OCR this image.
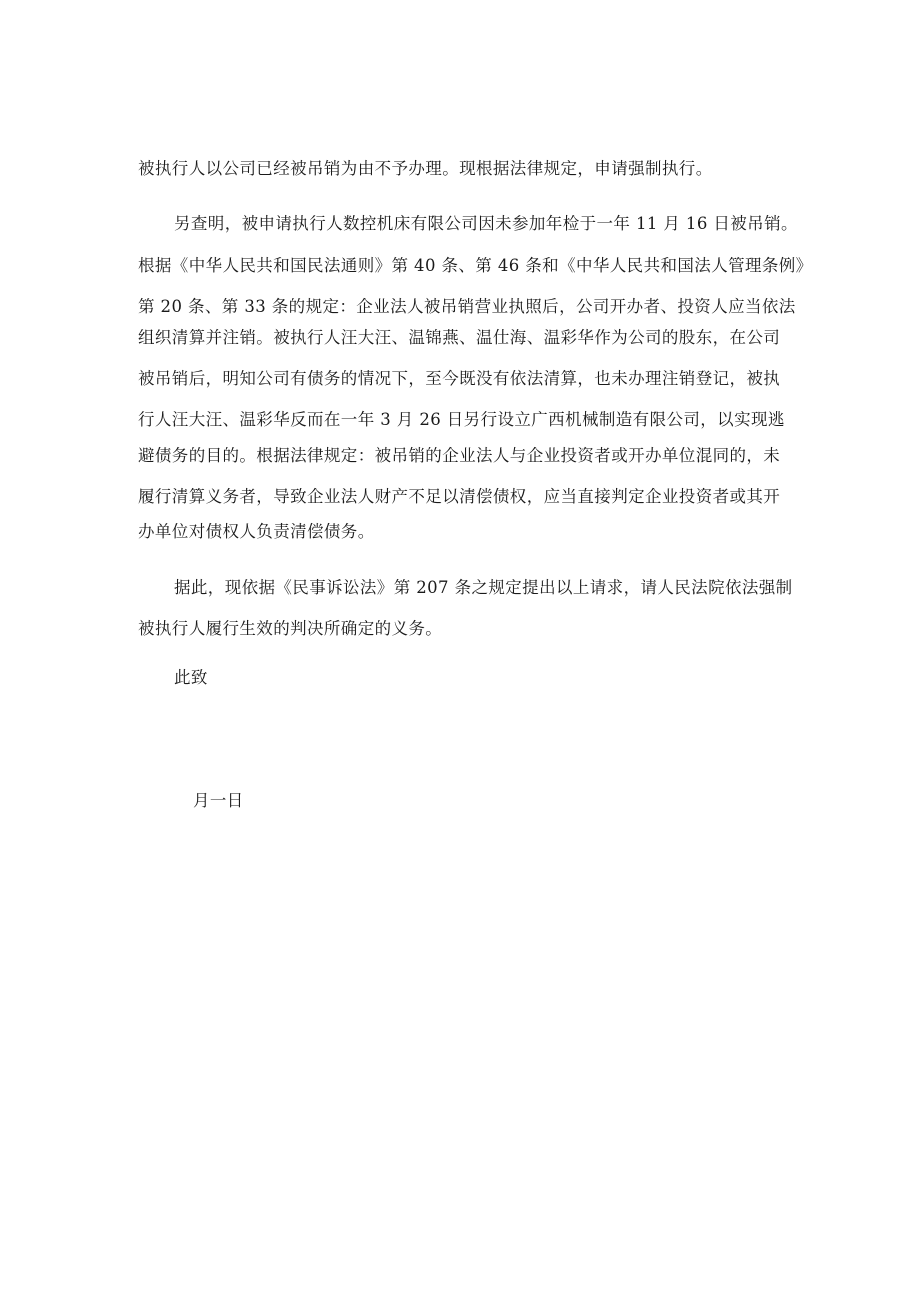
被执行人以公司已经被吊销为由不予办理。现根据法律规定，申请强制执行。
另查明，被申请执行人数控机床有限公司因未参加年检于一年 11 月 16 日被吊销。
根据《中华人民共和国民法通则》第 40 条、第 46 条和《中华人民共和国法人管理条例》
第 20 条、第 33 条的规定：企业法人被吊销营业执照后，公司开办者、投资人应当依法
组织清算并注销。被执行人汪大汪、温锦燕、温仕海、温彩华作为公司的股东，在公司
被吊销后，明知公司有债务的情况下，至今既没有依法清算，也未办理注销登记，被执
行人汪大汪、温彩华反而在一年 3 月 26 日另行设立广西机械制造有限公司，以实现逃
避债务的目的。根据法律规定：被吊销的企业法人与企业投资者或开办单位混同的，未
履行清算义务者，导致企业法人财产不足以清偿债权，应当直接判定企业投资者或其开
办单位对债权人负责清偿债务。
据此，现依据《民事诉讼法》第 207 条之规定提出以上请求，请人民法院依法强制
被执行人履行生效的判决所确定的义务。
此致
月一日
